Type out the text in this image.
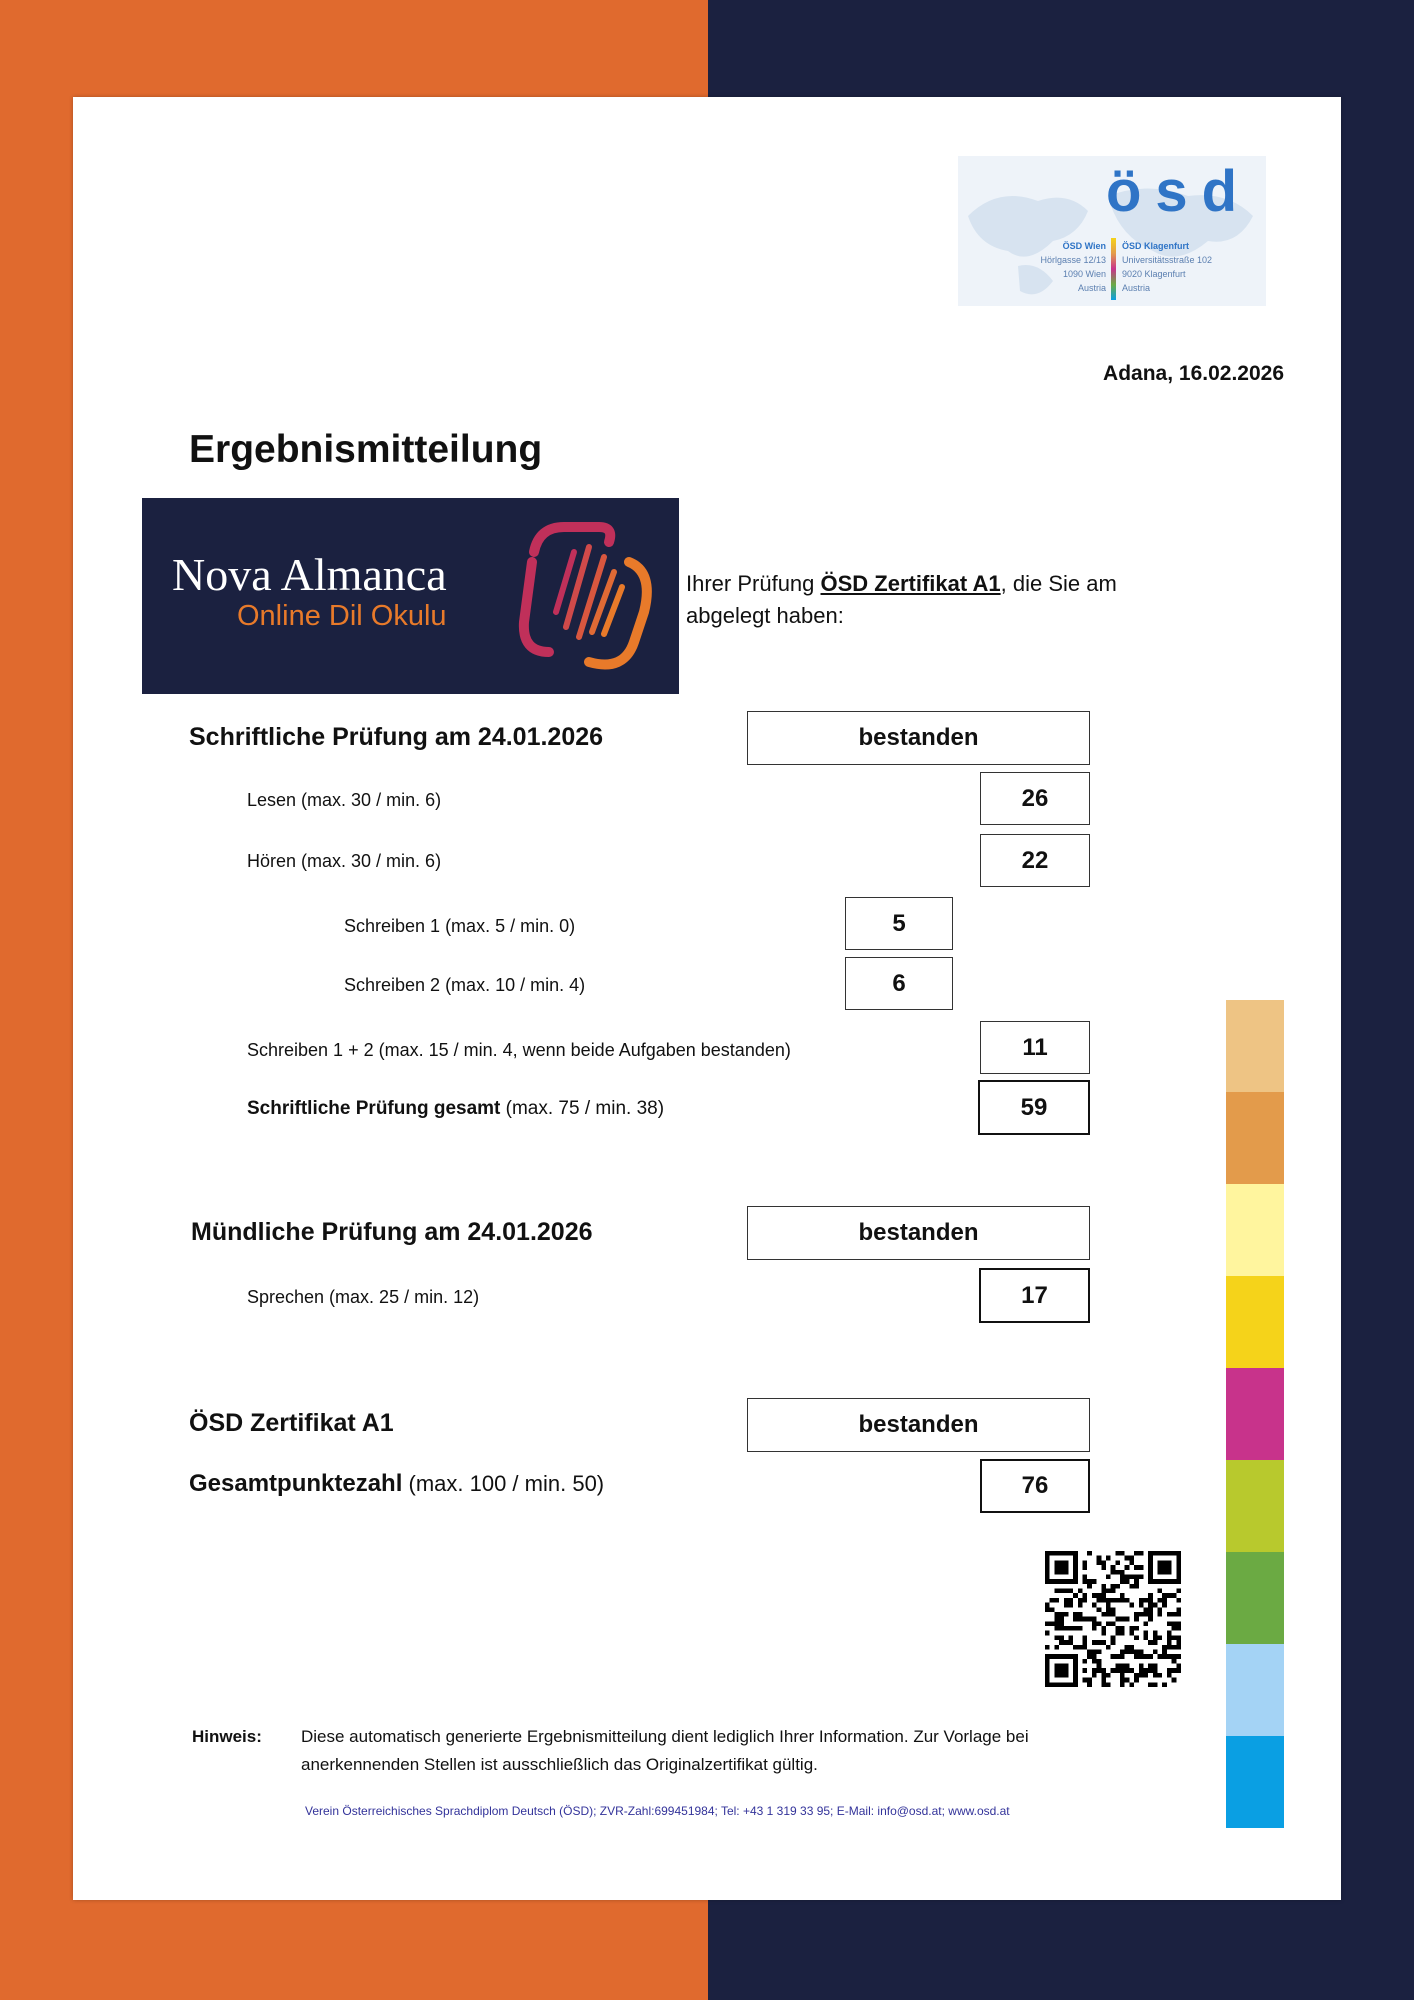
ösd
ÖSD Wien
Hörlgasse 12/13
1090 Wien
Austria
ÖSD Klagenfurt
Universitätsstraße 102
9020 Klagenfurt
Austria
Adana, 16.02.2026
Ergebnismitteilung
Ihrer Prüfung ÖSD Zertifikat A1, die Sie am
abgelegt haben:
Nova Almanca
Online Dil Okulu
Schriftliche Prüfung am 24.01.2026	bestanden
Lesen (max. 30 / min. 6)	26
Hören (max. 30 / min. 6)	22
Schreiben 1 (max. 5 / min. 0)	5
Schreiben 2 (max. 10 / min. 4)	6
Schreiben 1 + 2 (max. 15 / min. 4, wenn beide Aufgaben bestanden)	11
Schriftliche Prüfung gesamt (max. 75 / min. 38)	59
Mündliche Prüfung am 24.01.2026	bestanden
Sprechen (max. 25 / min. 12)	17
ÖSD Zertifikat A1	bestanden
Gesamtpunktezahl (max. 100 / min. 50)	76
Hinweis: Diese automatisch generierte Ergebnismitteilung dient lediglich Ihrer Information. Zur Vorlage bei
anerkennenden Stellen ist ausschließlich das Originalzertifikat gültig.
Verein Österreichisches Sprachdiplom Deutsch (ÖSD); ZVR-Zahl:699451984; Tel: +43 1 319 33 95; E-Mail: info@osd.at; www.osd.at
